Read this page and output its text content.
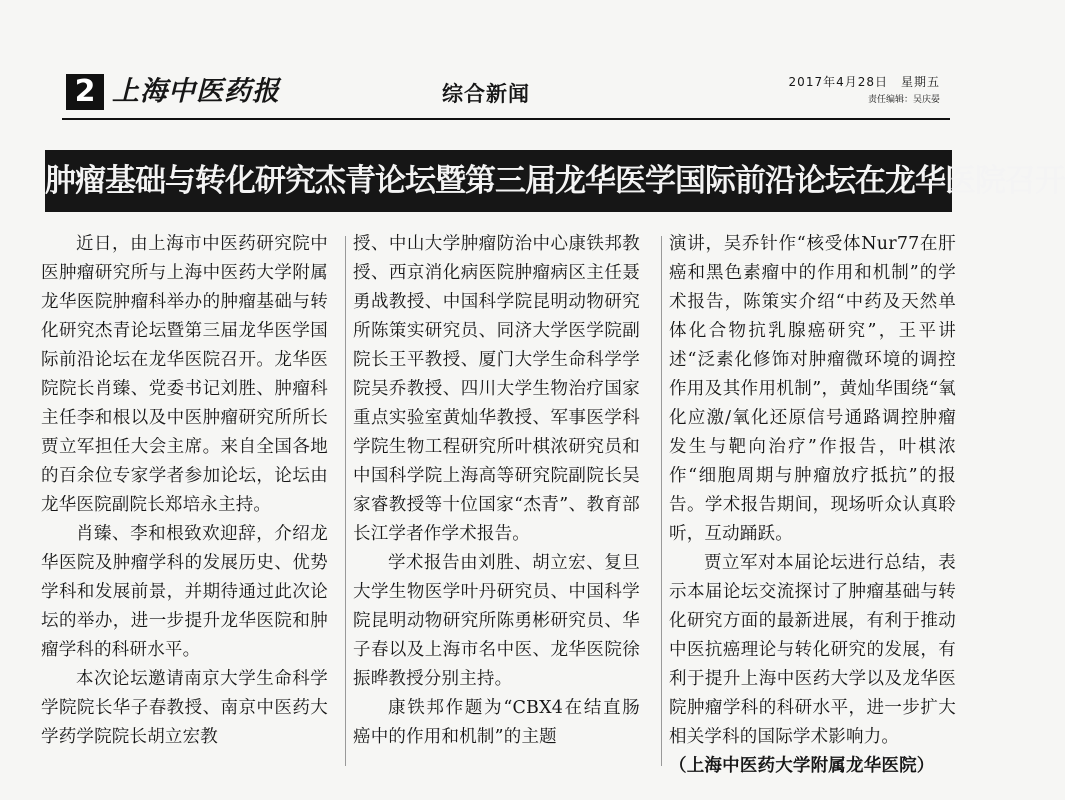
2 上海中医药报	综合新闻	2017年4月28日　星期五
责任编辑：吴庆晏
肿瘤基础与转化研究杰青论坛暨第三届龙华医学国际前沿论坛在龙华医院召开

近日，由上海市中医药研究院中医肿瘤研究所与上海中医药大学附属龙华医院肿瘤科举办的肿瘤基础与转化研究杰青论坛暨第三届龙华医学国际前沿论坛在龙华医院召开。龙华医院院长肖臻、党委书记刘胜、肿瘤科主任李和根以及中医肿瘤研究所所长贾立军担任大会主席。来自全国各地的百余位专家学者参加论坛，论坛由龙华医院副院长郑培永主持。

肖臻、李和根致欢迎辞，介绍龙华医院及肿瘤学科的发展历史、优势学科和发展前景，并期待通过此次论坛的举办，进一步提升龙华医院和肿瘤学科的科研水平。

本次论坛邀请南京大学生命科学学院院长华子春教授、南京中医药大学药学院院长胡立宏教

授、中山大学肿瘤防治中心康铁邦教授、西京消化病医院肿瘤病区主任聂勇战教授、中国科学院昆明动物研究所陈策实研究员、同济大学医学院副院长王平教授、厦门大学生命科学学院吴乔教授、四川大学生物治疗国家重点实验室黄灿华教授、军事医学科学院生物工程研究所叶棋浓研究员和中国科学院上海高等研究院副院长吴家睿教授等十位国家“杰青”、教育部长江学者作学术报告。

学术报告由刘胜、胡立宏、复旦大学生物医学叶丹研究员、中国科学院昆明动物研究所陈勇彬研究员、华子春以及上海市名中医、龙华医院徐振晔教授分别主持。

康铁邦作题为“CBX4在结直肠癌中的作用和机制”的主题

演讲，吴乔针作“核受体Nur77在肝癌和黑色素瘤中的作用和机制”的学术报告，陈策实介绍“中药及天然单体化合物抗乳腺癌研究”，王平讲述“泛素化修饰对肿瘤微环境的调控作用及其作用机制”，黄灿华围绕“氧化应激/氧化还原信号通路调控肿瘤发生与靶向治疗”作报告，叶棋浓作“细胞周期与肿瘤放疗抵抗”的报告。学术报告期间，现场听众认真聆听，互动踊跃。

贾立军对本届论坛进行总结，表示本届论坛交流探讨了肿瘤基础与转化研究方面的最新进展，有利于推动中医抗癌理论与转化研究的发展，有利于提升上海中医药大学以及龙华医院肿瘤学科的科研水平，进一步扩大相关学科的国际学术影响力。

（上海中医药大学附属龙华医院）
